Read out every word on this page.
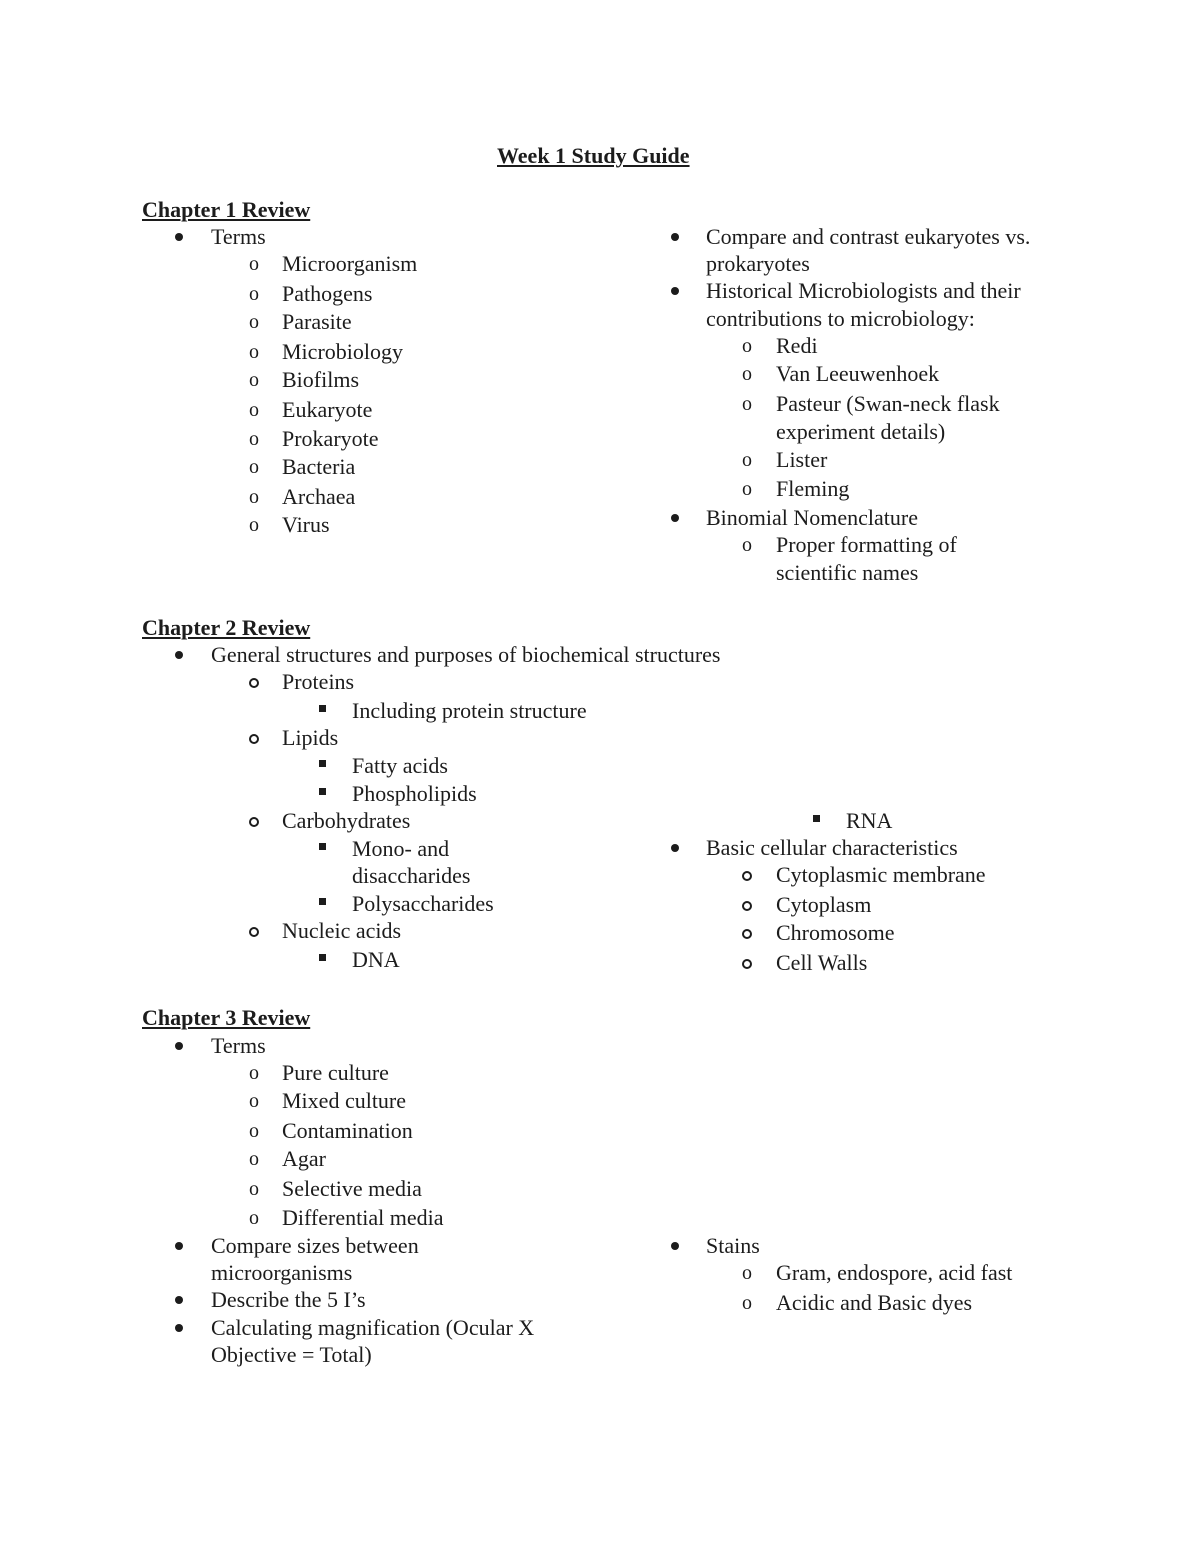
Week 1 Study Guide
Chapter 1 Review
Terms
o Microorganism
o Pathogens
o Parasite
o Microbiology
o Biofilms
o Eukaryote
o Prokaryote
o Bacteria
o Archaea
o Virus
Compare and contrast eukaryotes vs.
prokaryotes
Historical Microbiologists and their
contributions to microbiology:
o Redi
o Van Leeuwenhoek
o Pasteur (Swan-neck flask
experiment details)
o Lister
o Fleming
Binomial Nomenclature
o Proper formatting of
scientific names
Chapter 2 Review
General structures and purposes of biochemical structures
Proteins
Including protein structure
Lipids
Fatty acids
Phospholipids
Carbohydrates
Mono- and
disaccharides
Polysaccharides
Nucleic acids
DNA
RNA
Basic cellular characteristics
Cytoplasmic membrane
Cytoplasm
Chromosome
Cell Walls
Chapter 3 Review
Terms
o Pure culture
o Mixed culture
o Contamination
o Agar
o Selective media
o Differential media
Compare sizes between
microorganisms
Describe the 5 I’s
Calculating magnification (Ocular X
Objective = Total)
Stains
o Gram, endospore, acid fast
o Acidic and Basic dyes
